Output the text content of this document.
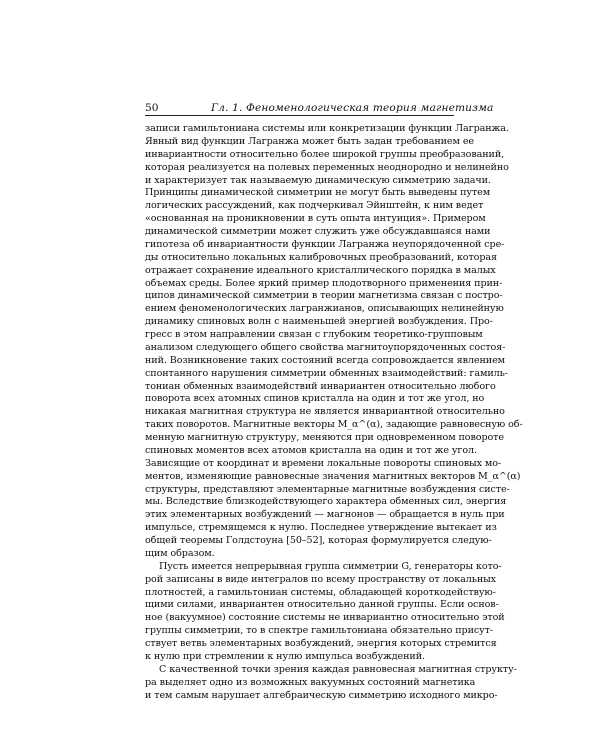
50	Гл. 1. Феноменологическая теория магнетизма
записи гамильтониана системы или конкретизации функции Лагранжа.
Явный вид функции Лагранжа может быть задан требованием ее
инвариантности относительно более широкой группы преобразований,
которая реализуется на полевых переменных неоднородно и нелинейно
и характеризует так называемую динамическую симметрию задачи.
Принципы динамической симметрии не могут быть выведены путем
логических рассуждений, как подчеркивал Эйнштейн, к ним ведет
«основанная на проникновении в суть опыта интуиция». Примером
динамической симметрии может служить уже обсуждавшаяся нами
гипотеза об инвариантности функции Лагранжа неупорядоченной сре-
ды относительно локальных калибровочных преобразований, которая
отражает сохранение идеального кристаллического порядка в малых
объемах среды. Более яркий пример плодотворного применения прин-
ципов динамической симметрии в теории магнетизма связан с постро-
ением феноменологических лагранжианов, описывающих нелинейную
динамику спиновых волн с наименьшей энергией возбуждения. Про-
гресс в этом направлении связан с глубоким теоретико-групповым
анализом следующего общего свойства магнитоупорядоченных состоя-
ний. Возникновение таких состояний всегда сопровождается явлением
спонтанного нарушения симметрии обменных взаимодействий: гамиль-
тониан обменных взаимодействий инвариантен относительно любого
поворота всех атомных спинов кристалла на один и тот же угол, но
никакая магнитная структура не является инвариантной относительно
таких поворотов. Магнитные векторы M_α^(α), задающие равновесную об-
менную магнитную структуру, меняются при одновременном повороте
спиновых моментов всех атомов кристалла на один и тот же угол.
Зависящие от координат и времени локальные повороты спиновых мо-
ментов, изменяющие равновесные значения магнитных векторов M_α^(α)
структуры, представляют элементарные магнитные возбуждения систе-
мы. Вследствие близкодействующего характера обменных сил, энергия
этих элементарных возбуждений — магнонов — обращается в нуль при
импульсе, стремящемся к нулю. Последнее утверждение вытекает из
общей теоремы Голдстоуна [50–52], которая формулируется следую-
щим образом.
Пусть имеется непрерывная группа симметрии G, генераторы кото-
рой записаны в виде интегралов по всему пространству от локальных
плотностей, а гамильтониан системы, обладающей короткодействую-
щими силами, инвариантен относительно данной группы. Если основ-
ное (вакуумное) состояние системы не инвариантно относительно этой
группы симметрии, то в спектре гамильтониана обязательно присут-
ствует ветвь элементарных возбуждений, энергия которых стремится
к нулю при стремлении к нулю импульса возбуждений.
С качественной точки зрения каждая равновесная магнитная структу-
ра выделяет одно из возможных вакуумных состояний магнетика
и тем самым нарушает алгебраическую симметрию исходного микро-
